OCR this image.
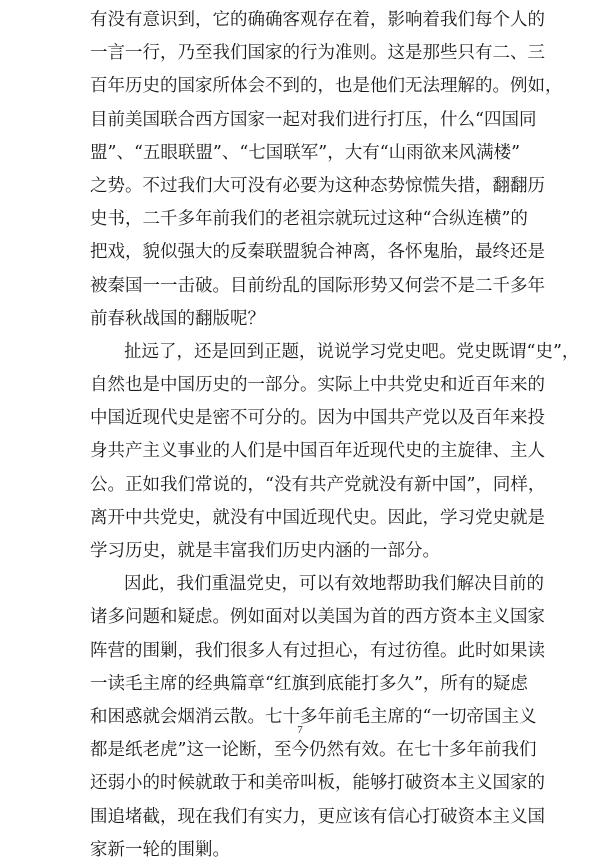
有没有意识到，它的确确客观存在着，影响着我们每个人的
一言一行，乃至我们国家的行为准则。这是那些只有二、三
百年历史的国家所体会不到的，也是他们无法理解的。例如，
目前美国联合西方国家一起对我们进行打压，什么“四国同
盟”、“五眼联盟”、“七国联军”，大有“山雨欲来风满楼”
之势。不过我们大可没有必要为这种态势惊慌失措，翻翻历
史书，二千多年前我们的老祖宗就玩过这种“合纵连横”的
把戏，貌似强大的反秦联盟貌合神离，各怀鬼胎，最终还是
被秦国一一击破。目前纷乱的国际形势又何尝不是二千多年
前春秋战国的翻版呢？
扯远了，还是回到正题，说说学习党史吧。党史既谓“史”，
自然也是中国历史的一部分。实际上中共党史和近百年来的
中国近现代史是密不可分的。因为中国共产党以及百年来投
身共产主义事业的人们是中国百年近现代史的主旋律、主人
公。正如我们常说的，“没有共产党就没有新中国”，同样，
离开中共党史，就没有中国近现代史。因此，学习党史就是
学习历史，就是丰富我们历史内涵的一部分。
因此，我们重温党史，可以有效地帮助我们解决目前的
诸多问题和疑虑。例如面对以美国为首的西方资本主义国家
阵营的围剿，我们很多人有过担心，有过彷徨。此时如果读
一读毛主席的经典篇章“红旗到底能打多久”，所有的疑虑
和困惑就会烟消云散。七十多年前毛主席的“一切帝国主义
都是纸老虎”这一论断，至今仍然有效。在七十多年前我们
还弱小的时候就敢于和美帝叫板，能够打破资本主义国家的
围追堵截，现在我们有实力，更应该有信心打破资本主义国
家新一轮的围剿。
7
